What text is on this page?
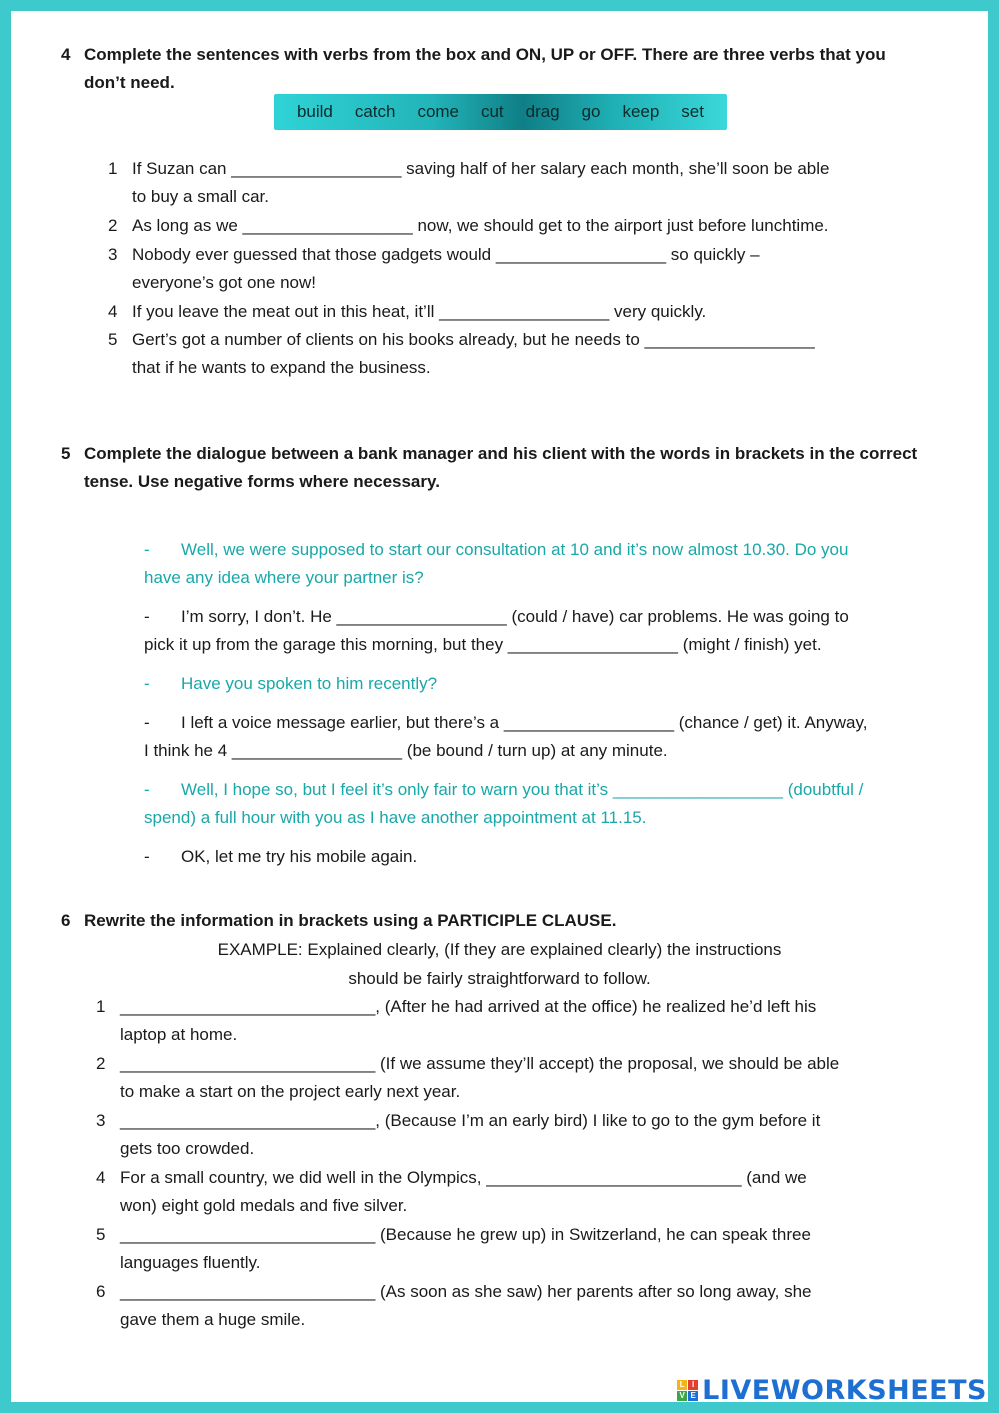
4 Complete the sentences with verbs from the box and ON, UP or OFF. There are three verbs that you
don’t need.
build catch come cut drag go keep set
1 If Suzan can __________________ saving half of her salary each month, she’ll soon be able
to buy a small car.
2 As long as we __________________ now, we should get to the airport just before lunchtime.
3 Nobody ever guessed that those gadgets would __________________ so quickly –
everyone’s got one now!
4 If you leave the meat out in this heat, it’ll __________________ very quickly.
5 Gert’s got a number of clients on his books already, but he needs to __________________
that if he wants to expand the business.
5 Complete the dialogue between a bank manager and his client with the words in brackets in the correct
tense. Use negative forms where necessary.
- Well, we were supposed to start our consultation at 10 and it’s now almost 10.30. Do you
have any idea where your partner is?
- I’m sorry, I don’t. He __________________ (could / have) car problems. He was going to
pick it up from the garage this morning, but they __________________ (might / finish) yet.
- Have you spoken to him recently?
- I left a voice message earlier, but there’s a __________________ (chance / get) it. Anyway,
I think he 4 __________________ (be bound / turn up) at any minute.
- Well, I hope so, but I feel it’s only fair to warn you that it’s __________________ (doubtful /
spend) a full hour with you as I have another appointment at 11.15.
- OK, let me try his mobile again.
6 Rewrite the information in brackets using a PARTICIPLE CLAUSE.
EXAMPLE: Explained clearly, (If they are explained clearly) the instructions
should be fairly straightforward to follow.
1 ___________________________, (After he had arrived at the office) he realized he’d left his
laptop at home.
2 ___________________________ (If we assume they’ll accept) the proposal, we should be able
to make a start on the project early next year.
3 ___________________________, (Because I’m an early bird) I like to go to the gym before it
gets too crowded.
4 For a small country, we did well in the Olympics, ___________________________ (and we
won) eight gold medals and five silver.
5 ___________________________ (Because he grew up) in Switzerland, he can speak three
languages fluently.
6 ___________________________ (As soon as she saw) her parents after so long away, she
gave them a huge smile.
L I
V E LIVEWORKSHEETS
